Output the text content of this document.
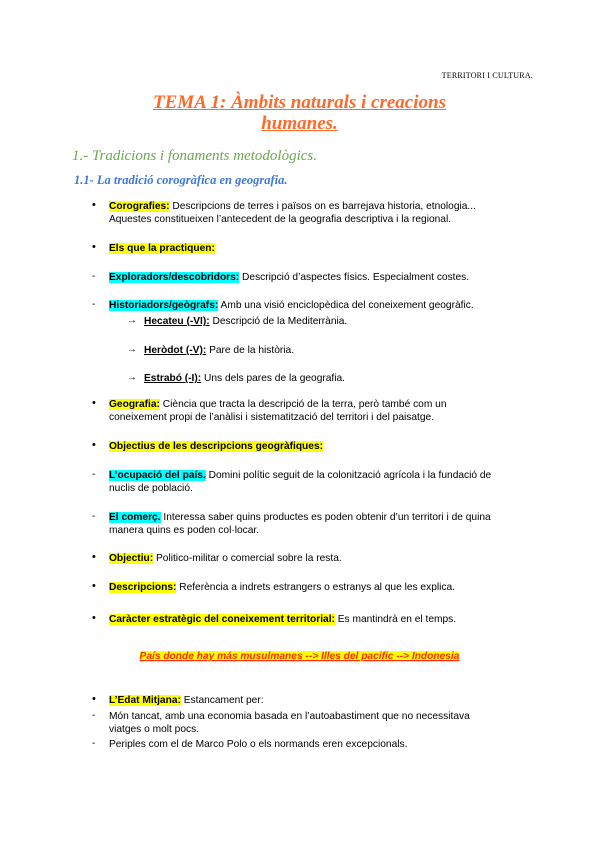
TERRITORI I CULTURA.
TEMA 1: Àmbits naturals i creacions
humanes.
1.- Tradicions i fonaments metodològics.
1.1- La tradició corogràfica en geografia.
• Corografies: Descripcions de terres i països on es barrejava historia, etnologia...
Aquestes constitueixen l’antecedent de la geografia descriptiva i la regional.
• Els que la practiquen:
- Exploradors/descobridors: Descripció d’aspectes físics. Especialment costes.
- Historiadors/geògrafs: Amb una visió enciclopèdica del coneixement geogràfic.
→ Hecateu (-VI): Descripció de la Mediterrània.
→ Heròdot (-V): Pare de la història.
→ Estrabó (-I): Uns dels pares de la geografia.
• Geografia: Ciència que tracta la descripció de la terra, però també com un
coneixement propi de l’anàlisi i sistematització del territori i del paisatge.
• Objectius de les descripcions geogràfiques:
- L’ocupació del país. Domini polític seguit de la colonització agrícola i la fundació de
nuclis de població.
- El comerç. Interessa saber quins productes es poden obtenir d’un territori i de quina
manera quins es poden col·locar.
• Objectiu: Politico-militar o comercial sobre la resta.
• Descripcions: Referència a indrets estrangers o estranys al que les explica.
• Caràcter estratègic del coneixement territorial: Es mantindrà en el temps.
País donde hay más musulmanes --> Illes del pacific --> Indonesia
• L’Edat Mitjana: Estancament per:
- Món tancat, amb una economia basada en l’autoabastiment que no necessitava
viatges o molt pocs.
- Periples com el de Marco Polo o els normands eren excepcionals.
